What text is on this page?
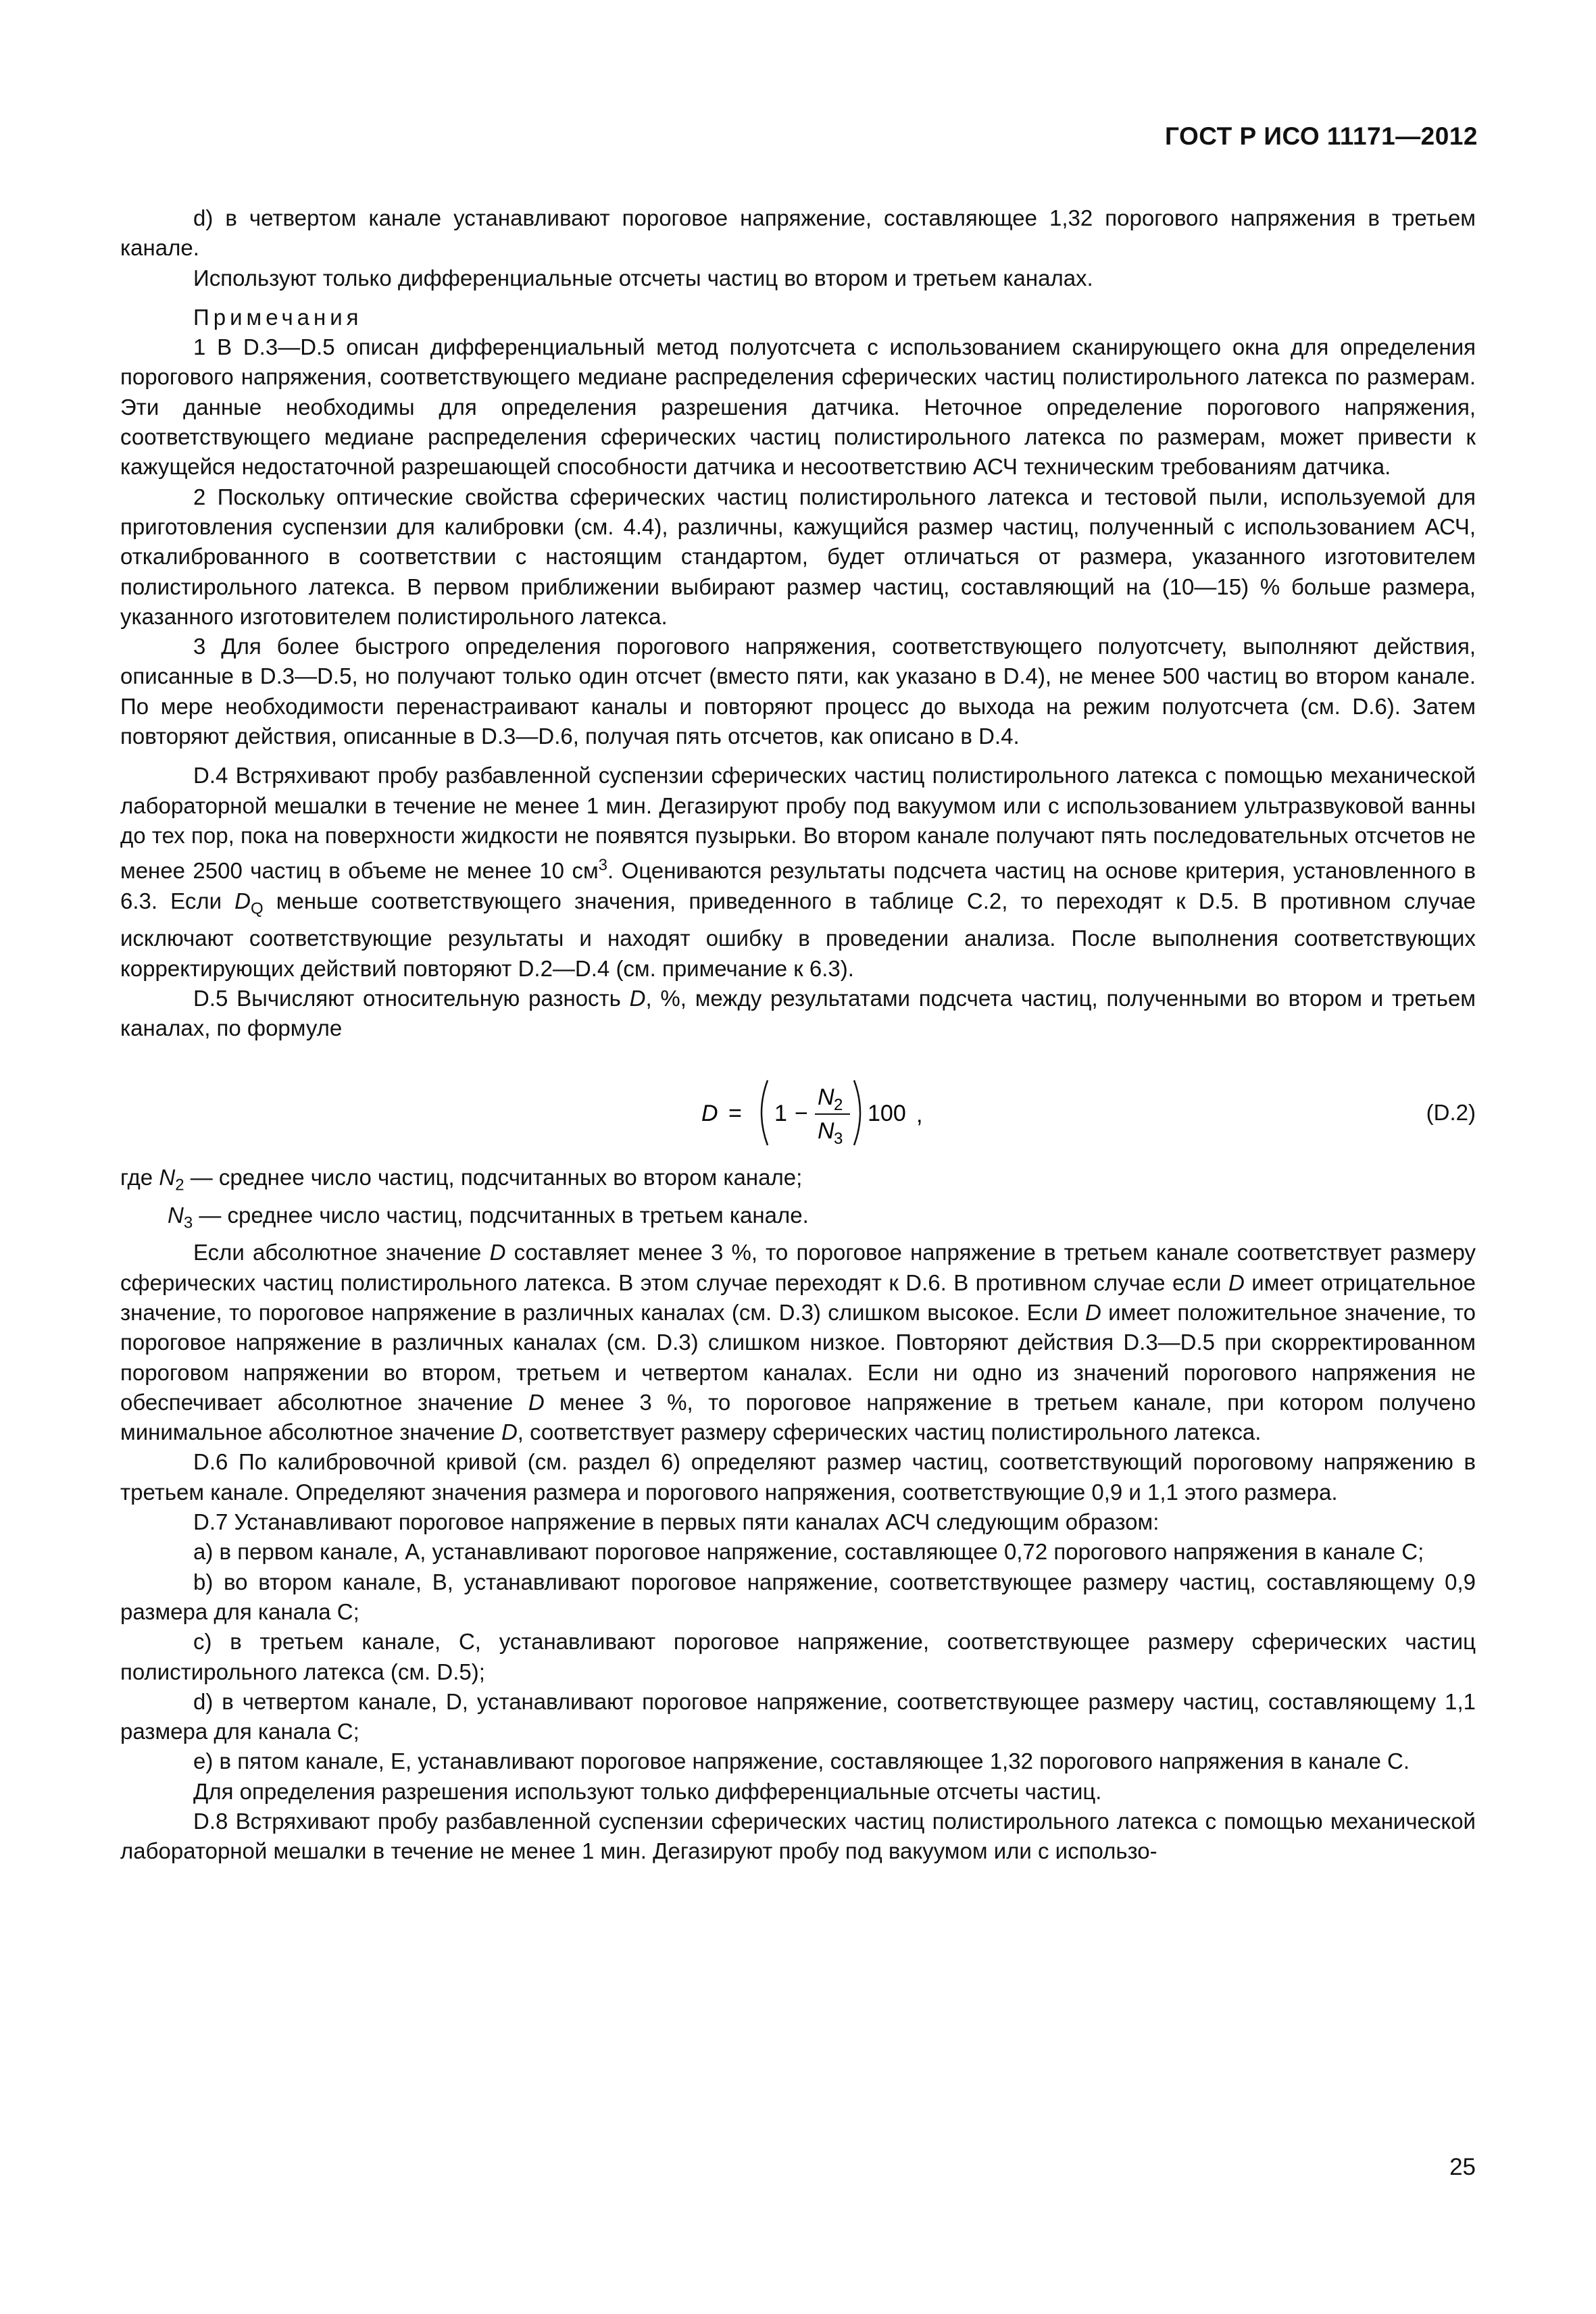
ГОСТ Р ИСО 11171—2012

d) в четвертом канале устанавливают пороговое напряжение, составляющее 1,32 порогового напряжения в третьем канале.

Используют только дифференциальные отсчеты частиц во втором и третьем каналах.

Примечания

1 В D.3—D.5 описан дифференциальный метод полуотсчета с использованием сканирующего окна для определения порогового напряжения, соответствующего медиане распределения сферических частиц полистирольного латекса по размерам. Эти данные необходимы для определения разрешения датчика. Неточное определение порогового напряжения, соответствующего медиане распределения сферических частиц полистирольного латекса по размерам, может привести к кажущейся недостаточной разрешающей способности датчика и несоответствию АСЧ техническим требованиям датчика.

2 Поскольку оптические свойства сферических частиц полистирольного латекса и тестовой пыли, используемой для приготовления суспензии для калибровки (см. 4.4), различны, кажущийся размер частиц, полученный с использованием АСЧ, откалиброванного в соответствии с настоящим стандартом, будет отличаться от размера, указанного изготовителем полистирольного латекса. В первом приближении выбирают размер частиц, составляющий на (10—15) % больше размера, указанного изготовителем полистирольного латекса.

3 Для более быстрого определения порогового напряжения, соответствующего полуотсчету, выполняют действия, описанные в D.3—D.5, но получают только один отсчет (вместо пяти, как указано в D.4), не менее 500 частиц во втором канале. По мере необходимости перенастраивают каналы и повторяют процесс до выхода на режим полуотсчета (см. D.6). Затем повторяют действия, описанные в D.3—D.6, получая пять отсчетов, как описано в D.4.

D.4 Встряхивают пробу разбавленной суспензии сферических частиц полистирольного латекса с помощью механической лабораторной мешалки в течение не менее 1 мин. Дегазируют пробу под вакуумом или с использованием ультразвуковой ванны до тех пор, пока на поверхности жидкости не появятся пузырьки. Во втором канале получают пять последовательных отсчетов не менее 2500 частиц в объеме не менее 10 $см^3$. Оцениваются результаты подсчета частиц на основе критерия, установленного в 6.3. Если $D_Q$ меньше соответствующего значения, приведенного в таблице С.2, то переходят к D.5. В противном случае исключают соответствующие результаты и находят ошибку в проведении анализа. После выполнения соответствующих корректирующих действий повторяют D.2—D.4 (см. примечание к 6.3).

D.5 Вычисляют относительную разность D, %, между результатами подсчета частиц, полученными во втором и третьем каналах, по формуле

D = 1 −
N 2
N 3
100 ,	(D.2)

где $N_2$ — среднее число частиц, подсчитанных во втором канале;

$N_3$ — среднее число частиц, подсчитанных в третьем канале.

Если абсолютное значение D составляет менее 3 %, то пороговое напряжение в третьем канале соответствует размеру сферических частиц полистирольного латекса. В этом случае переходят к D.6. В противном случае если D имеет отрицательное значение, то пороговое напряжение в различных каналах (см. D.3) слишком высокое. Если D имеет положительное значение, то пороговое напряжение в различных каналах (см. D.3) слишком низкое. Повторяют действия D.3—D.5 при скорректированном пороговом напряжении во втором, третьем и четвертом каналах. Если ни одно из значений порогового напряжения не обеспечивает абсолютное значение D менее 3 %, то пороговое напряжение в третьем канале, при котором получено минимальное абсолютное значение D, соответствует размеру сферических частиц полистирольного латекса.

D.6 По калибровочной кривой (см. раздел 6) определяют размер частиц, соответствующий пороговому напряжению в третьем канале. Определяют значения размера и порогового напряжения, соответствующие 0,9 и 1,1 этого размера.

D.7 Устанавливают пороговое напряжение в первых пяти каналах АСЧ следующим образом:

a) в первом канале, А, устанавливают пороговое напряжение, составляющее 0,72 порогового напряжения в канале С;

b) во втором канале, В, устанавливают пороговое напряжение, соответствующее размеру частиц, составляющему 0,9 размера для канала С;

c) в третьем канале, С, устанавливают пороговое напряжение, соответствующее размеру сферических частиц полистирольного латекса (см. D.5);

d) в четвертом канале, D, устанавливают пороговое напряжение, соответствующее размеру частиц, составляющему 1,1 размера для канала С;

e) в пятом канале, Е, устанавливают пороговое напряжение, составляющее 1,32 порогового напряжения в канале С.

Для определения разрешения используют только дифференциальные отсчеты частиц.

D.8 Встряхивают пробу разбавленной суспензии сферических частиц полистирольного латекса с помощью механической лабораторной мешалки в течение не менее 1 мин. Дегазируют пробу под вакуумом или с использо-

25
